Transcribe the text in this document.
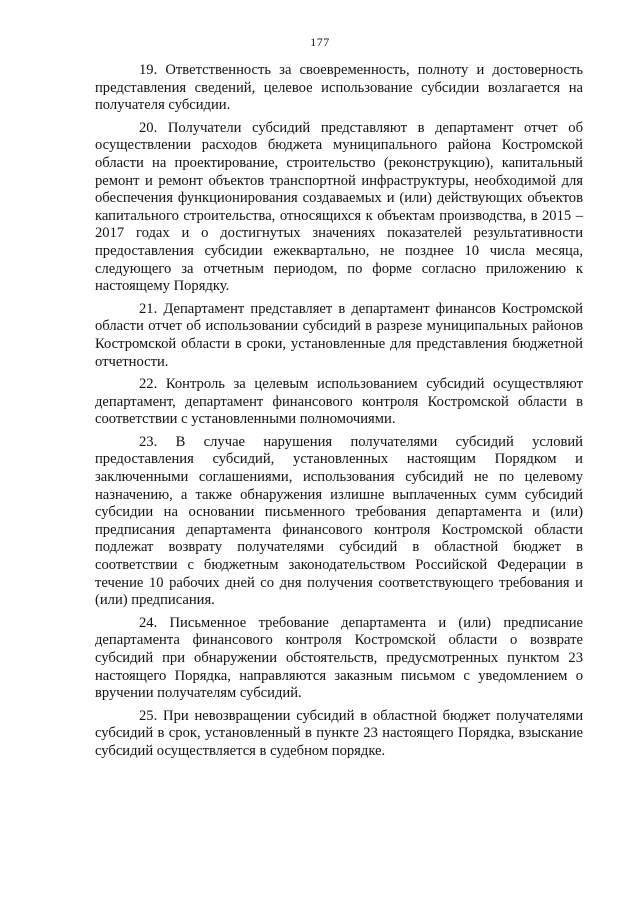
177

19. Ответственность за своевременность, полноту и достоверность представления сведений, целевое использование субсидии возлагается на получателя субсидии.

20. Получатели субсидий представляют в департамент отчет об осуществлении расходов бюджета муниципального района Костромской области на проектирование, строительство (реконструкцию), капитальный ремонт и ремонт объектов транспортной инфраструктуры, необходимой для обеспечения функционирования создаваемых и (или) действующих объектов капитального строительства, относящихся к объектам производства, в 2015 – 2017 годах и о достигнутых значениях показателей результативности предоставления субсидии ежеквартально, не позднее 10 числа месяца, следующего за отчетным периодом, по форме согласно приложению к настоящему Порядку.

21. Департамент представляет в департамент финансов Костромской области отчет об использовании субсидий в разрезе муниципальных районов Костромской области в сроки, установленные для представления бюджетной отчетности.

22. Контроль за целевым использованием субсидий осуществляют департамент, департамент финансового контроля Костромской области в соответствии с установленными полномочиями.

23. В случае нарушения получателями субсидий условий предоставления субсидий, установленных настоящим Порядком и заключенными соглашениями, использования субсидий не по целевому назначению, а также обнаружения излишне выплаченных сумм субсидий субсидии на основании письменного требования департамента и (или) предписания департамента финансового контроля Костромской области подлежат возврату получателями субсидий в областной бюджет в соответствии с бюджетным законодательством Российской Федерации в течение 10 рабочих дней со дня получения соответствующего требования и (или) предписания.

24. Письменное требование департамента и (или) предписание департамента финансового контроля Костромской области о возврате субсидий при обнаружении обстоятельств, предусмотренных пунктом 23 настоящего Порядка, направляются заказным письмом с уведомлением о вручении получателям субсидий.

25. При невозвращении субсидий в областной бюджет получателями субсидий в срок, установленный в пункте 23 настоящего Порядка, взыскание субсидий осуществляется в судебном порядке.
